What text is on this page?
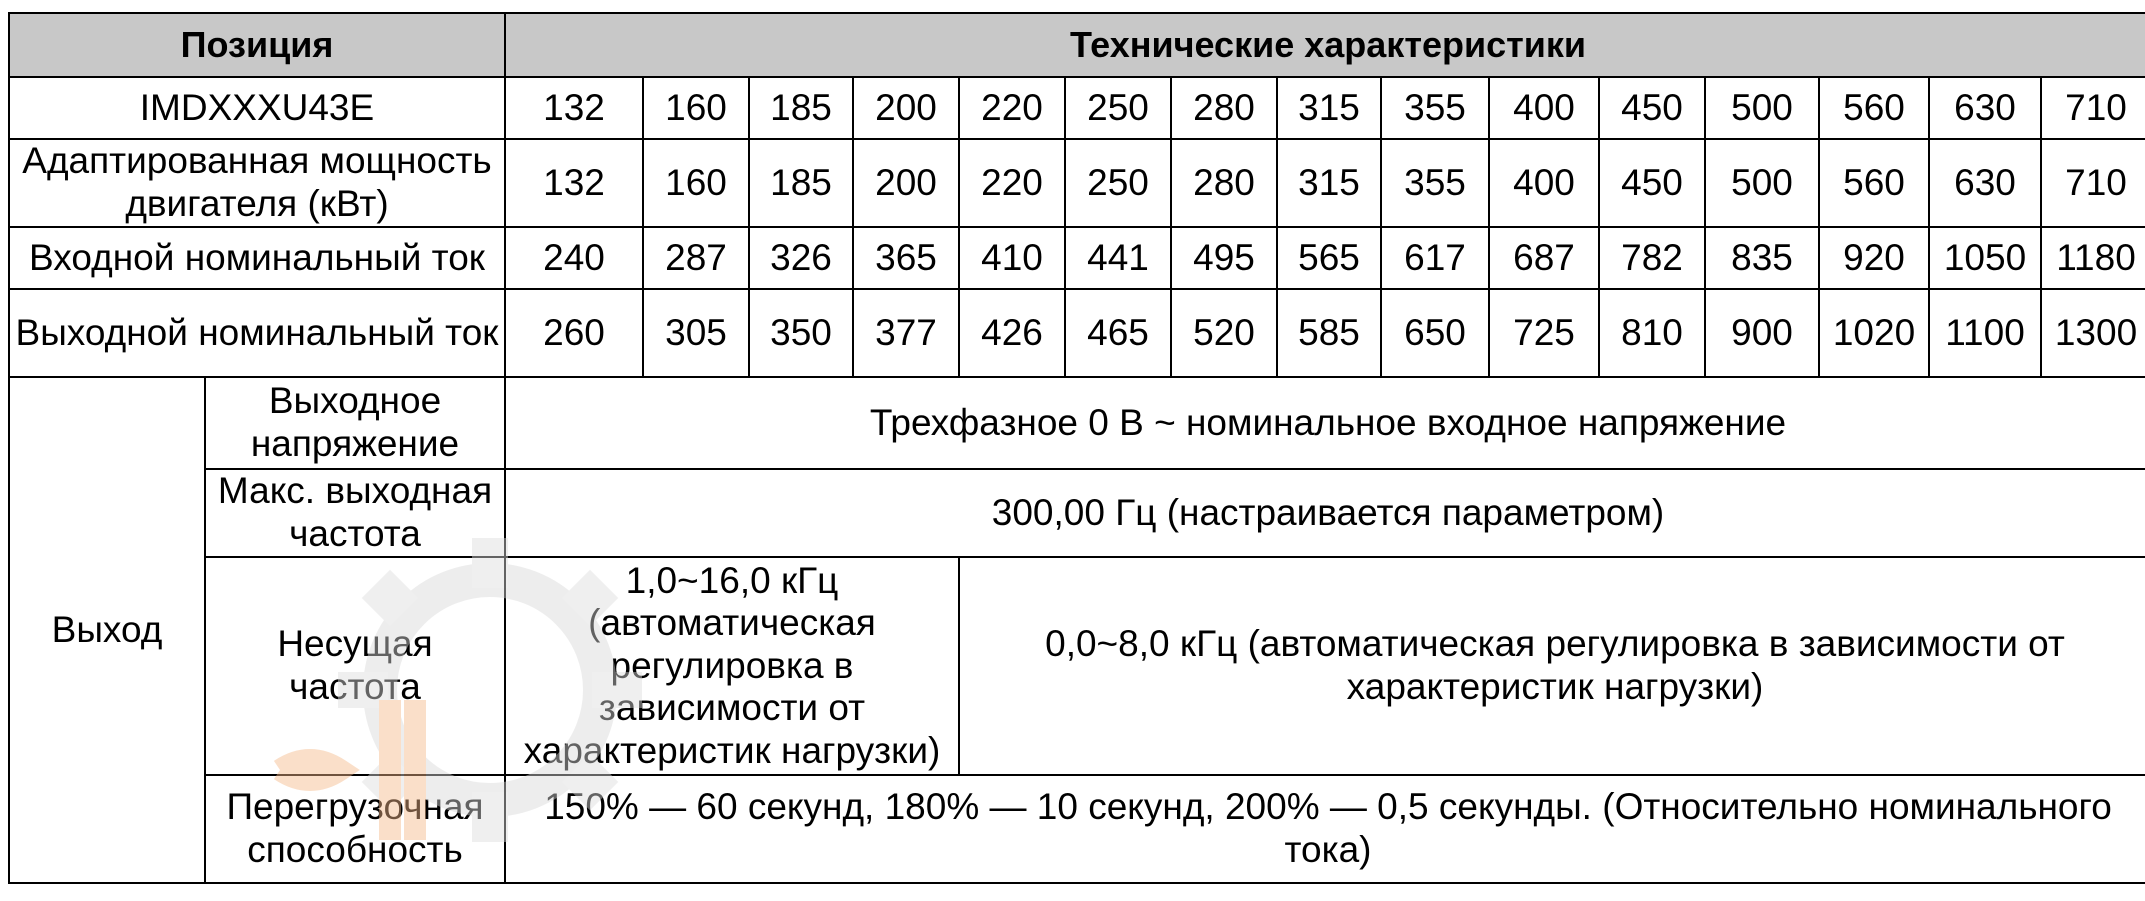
Позиция		Технические характеристики														
IMDXXXU43E		132	160	185	200	220	250	280	315	355	400	450	500	560	630	710
Адаптированная мощность двигателя (кВт)		132	160	185	200	220	250	280	315	355	400	450	500	560	630	710
Входной номинальный ток		240	287	326	365	410	441	495	565	617	687	782	835	920	1050	1180
Выходной номинальный ток		260	305	350	377	426	465	520	585	650	725	810	900	1020	1100	1300
Выход	Выходное напряжение	Трехфазное 0 В ~ номинальное входное напряжение														
	Макс. выходная частота	300,00 Гц (настраивается параметром)														
	Несущая частота	1,0~16,0 кГц (автоматическая регулировка в зависимости от характеристик нагрузки)				0,0~8,0 кГц (автоматическая регулировка в зависимости от характеристик нагрузки)										
	Перегрузочная способность	150% — 60 секунд, 180% — 10 секунд, 200% — 0,5 секунды. (Относительно номинального тока)														
